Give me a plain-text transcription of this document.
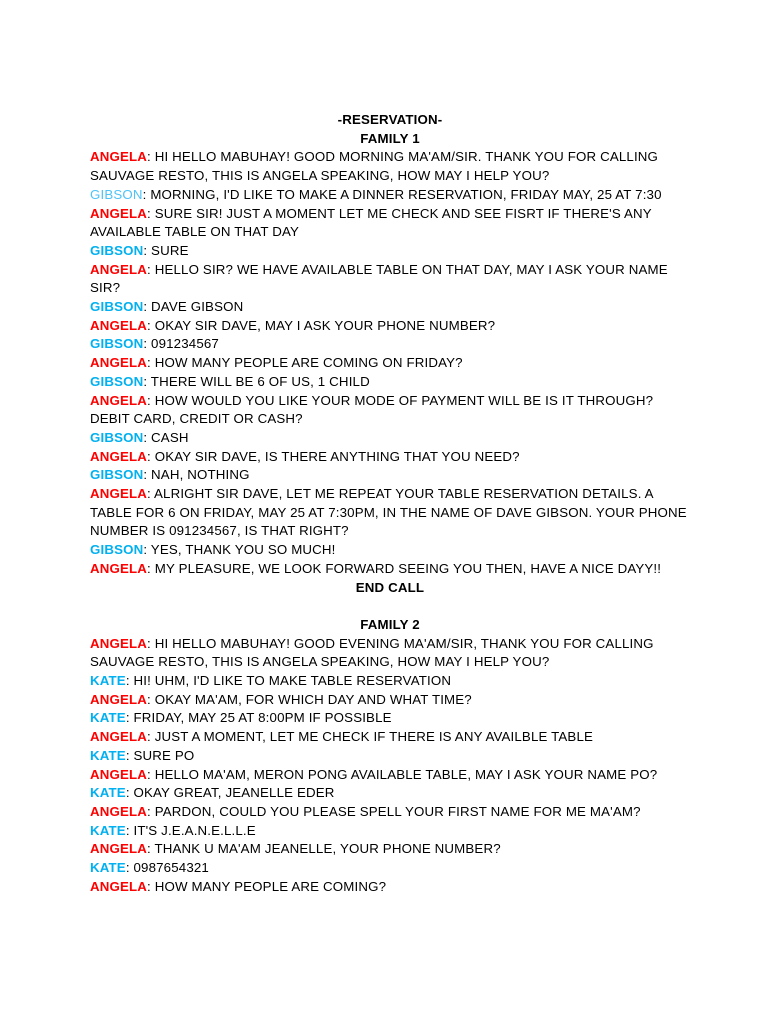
-RESERVATION-
FAMILY 1
ANGELA: HI HELLO MABUHAY! GOOD MORNING MA'AM/SIR. THANK YOU FOR CALLING SAUVAGE RESTO, THIS IS ANGELA SPEAKING, HOW MAY I HELP YOU?
GIBSON: MORNING, I'D LIKE TO MAKE A DINNER RESERVATION, FRIDAY MAY, 25 AT 7:30
ANGELA: SURE SIR! JUST A MOMENT LET ME CHECK AND SEE FISRT IF THERE'S ANY AVAILABLE TABLE ON THAT DAY
GIBSON: SURE
ANGELA: HELLO SIR? WE HAVE AVAILABLE TABLE ON THAT DAY, MAY I ASK YOUR NAME SIR?
GIBSON: DAVE GIBSON
ANGELA: OKAY SIR DAVE, MAY I ASK YOUR PHONE NUMBER?
GIBSON: 091234567
ANGELA: HOW MANY PEOPLE ARE COMING ON FRIDAY?
GIBSON: THERE WILL BE 6 OF US, 1 CHILD
ANGELA: HOW WOULD YOU LIKE YOUR MODE OF PAYMENT WILL BE IS IT THROUGH? DEBIT CARD, CREDIT OR CASH?
GIBSON: CASH
ANGELA: OKAY SIR DAVE, IS THERE ANYTHING THAT YOU NEED?
GIBSON: NAH, NOTHING
ANGELA: ALRIGHT SIR DAVE, LET ME REPEAT YOUR TABLE RESERVATION DETAILS. A TABLE FOR 6 ON FRIDAY, MAY 25 AT 7:30PM, IN THE NAME OF DAVE GIBSON. YOUR PHONE NUMBER IS 091234567, IS THAT RIGHT?
GIBSON: YES, THANK YOU SO MUCH!
ANGELA: MY PLEASURE, WE LOOK FORWARD SEEING YOU THEN, HAVE A NICE DAYY!!
END CALL
FAMILY 2
ANGELA: HI HELLO MABUHAY! GOOD EVENING MA'AM/SIR, THANK YOU FOR CALLING SAUVAGE RESTO, THIS IS ANGELA SPEAKING, HOW MAY I HELP YOU?
KATE: HI! UHM, I'D LIKE TO MAKE TABLE RESERVATION
ANGELA: OKAY MA'AM, FOR WHICH DAY AND WHAT TIME?
KATE: FRIDAY, MAY 25 AT 8:00PM IF POSSIBLE
ANGELA: JUST A MOMENT, LET ME CHECK IF THERE IS ANY AVAILBLE TABLE
KATE: SURE PO
ANGELA: HELLO MA'AM, MERON PONG AVAILABLE TABLE, MAY I ASK YOUR NAME PO?
KATE: OKAY GREAT, JEANELLE EDER
ANGELA: PARDON, COULD YOU PLEASE SPELL YOUR FIRST NAME FOR ME MA'AM?
KATE: IT'S J.E.A.N.E.L.L.E
ANGELA: THANK U MA'AM JEANELLE, YOUR PHONE NUMBER?
KATE: 0987654321
ANGELA: HOW MANY PEOPLE ARE COMING?
